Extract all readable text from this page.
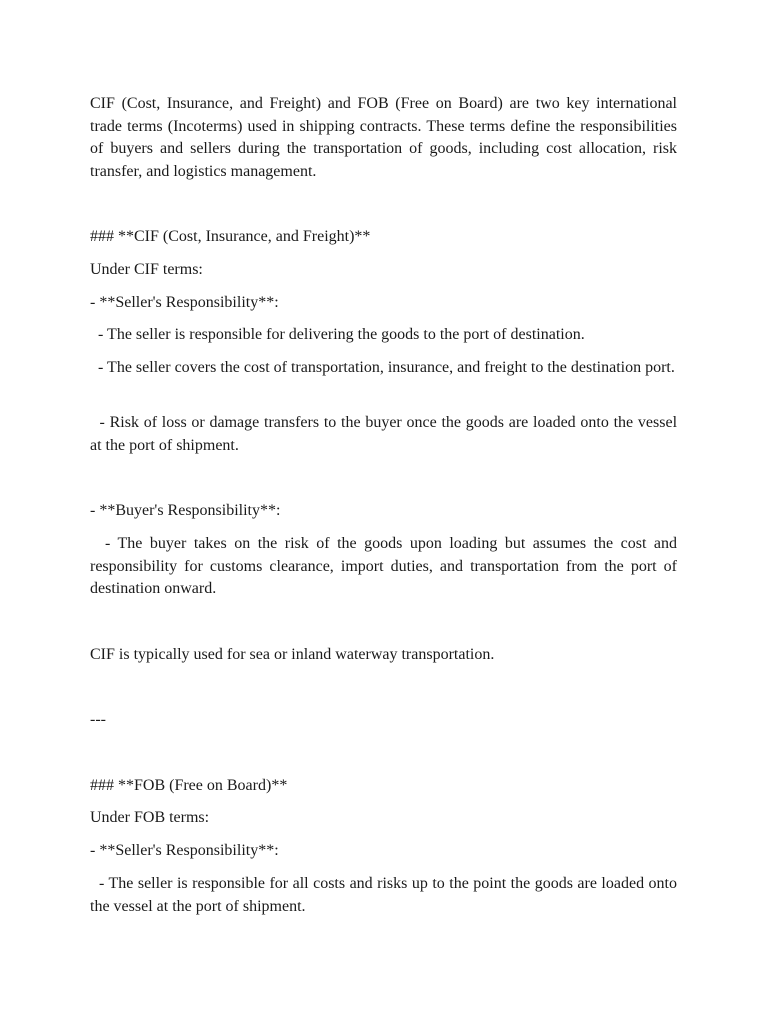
CIF (Cost, Insurance, and Freight) and FOB (Free on Board) are two key international trade terms (Incoterms) used in shipping contracts. These terms define the responsibilities of buyers and sellers during the transportation of goods, including cost allocation, risk transfer, and logistics management.

### **CIF (Cost, Insurance, and Freight)**

Under CIF terms:

- **Seller's Responsibility**:

- The seller is responsible for delivering the goods to the port of destination.

- The seller covers the cost of transportation, insurance, and freight to the destination port.

- Risk of loss or damage transfers to the buyer once the goods are loaded onto the vessel at the port of shipment.

- **Buyer's Responsibility**:

- The buyer takes on the risk of the goods upon loading but assumes the cost and responsibility for customs clearance, import duties, and transportation from the port of destination onward.

CIF is typically used for sea or inland waterway transportation.

---

### **FOB (Free on Board)**

Under FOB terms:

- **Seller's Responsibility**:

- The seller is responsible for all costs and risks up to the point the goods are loaded onto the vessel at the port of shipment.
